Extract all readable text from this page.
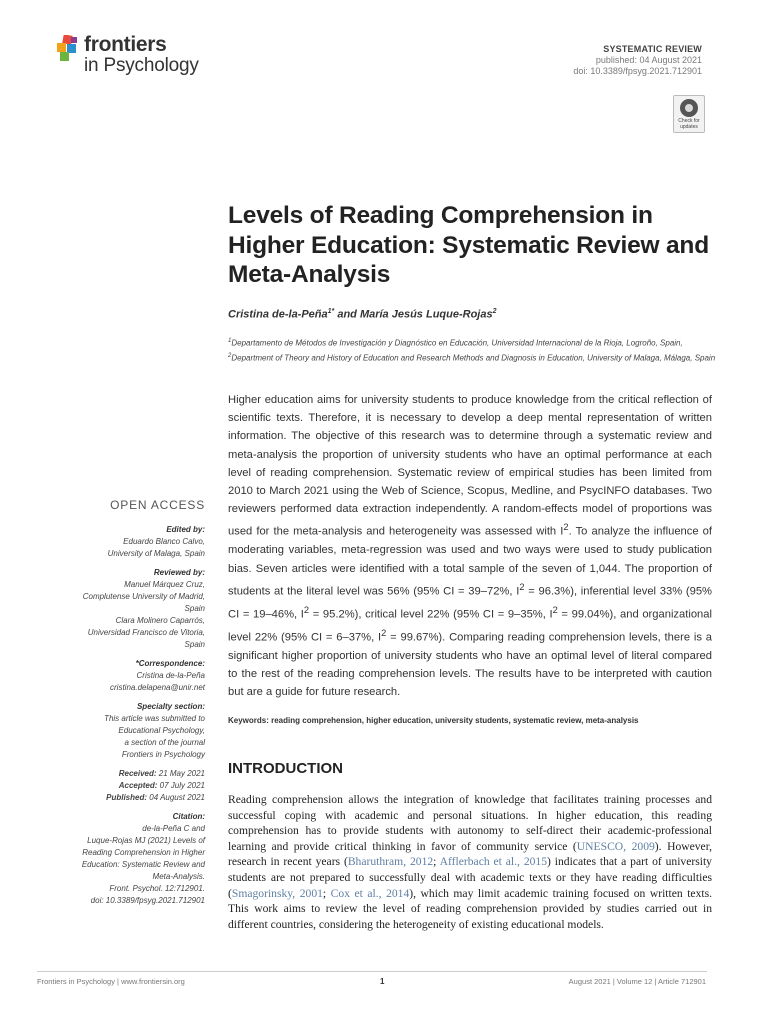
frontiers
in Psychology
SYSTEMATIC REVIEW
published: 04 August 2021
doi: 10.3389/fpsyg.2021.712901
Check for updates
Levels of Reading Comprehension in Higher Education: Systematic Review and Meta-Analysis
Cristina de-la-Peña$^{1*}$ and María Jesús Luque-Rojas$^2$
$^1$Departamento de Métodos de Investigación y Diagnóstico en Educación, Universidad Internacional de la Rioja, Logroño, Spain, $^2$Department of Theory and History of Education and Research Methods and Diagnosis in Education, University of Malaga, Málaga, Spain
Higher education aims for university students to produce knowledge from the critical reflection of scientific texts. Therefore, it is necessary to develop a deep mental representation of written information. The objective of this research was to determine through a systematic review and meta-analysis the proportion of university students who have an optimal performance at each level of reading comprehension. Systematic review of empirical studies has been limited from 2010 to March 2021 using the Web of Science, Scopus, Medline, and PsycINFO databases. Two reviewers performed data extraction independently. A random-effects model of proportions was used for the meta-analysis and heterogeneity was assessed with $I^2$. To analyze the influence of moderating variables, meta-regression was used and two ways were used to study publication bias. Seven articles were identified with a total sample of the seven of 1,044. The proportion of students at the literal level was 56% (95% CI = 39–72%, $I^2 = 96.3\%$), inferential level 33% (95% CI = 19–46%, $I^2 = 95.2\%$), critical level 22% (95% CI = 9–35%, $I^2 = 99.04\%$), and organizational level 22% (95% CI = 6–37%, $I^2 = 99.67\%$). Comparing reading comprehension levels, there is a significant higher proportion of university students who have an optimal level of literal compared to the rest of the reading comprehension levels. The results have to be interpreted with caution but are a guide for future research.
Keywords: reading comprehension, higher education, university students, systematic review, meta-analysis
INTRODUCTION
Reading comprehension allows the integration of knowledge that facilitates training processes and successful coping with academic and personal situations. In higher education, this reading comprehension has to provide students with autonomy to self-direct their academic-professional learning and provide critical thinking in favor of community service (UNESCO, 2009). However, research in recent years (Bharuthram, 2012; Afflerbach et al., 2015) indicates that a part of university students are not prepared to successfully deal with academic texts or they have reading difficulties (Smagorinsky, 2001; Cox et al., 2014), which may limit academic training focused on written texts. This work aims to review the level of reading comprehension provided by studies carried out in different countries, considering the heterogeneity of existing educational models.
OPEN ACCESS
Edited by:
Eduardo Blanco Calvo,
University of Malaga, Spain
Reviewed by:
Manuel Márquez Cruz,
Complutense University of Madrid,
Spain
Clara Molinero Caparrós,
Universidad Francisco de Vitoria,
Spain
*Correspondence:
Cristina de-la-Peña
cristina.delapena@unir.net
Specialty section:
This article was submitted to
Educational Psychology,
a section of the journal
Frontiers in Psychology
Received: 21 May 2021
Accepted: 07 July 2021
Published: 04 August 2021
Citation:
de-la-Peña C and
Luque-Rojas MJ (2021) Levels of
Reading Comprehension in Higher
Education: Systematic Review and
Meta-Analysis.
Front. Psychol. 12:712901.
doi: 10.3389/fpsyg.2021.712901
Frontiers in Psychology | www.frontiersin.org	1	August 2021 | Volume 12 | Article 712901
